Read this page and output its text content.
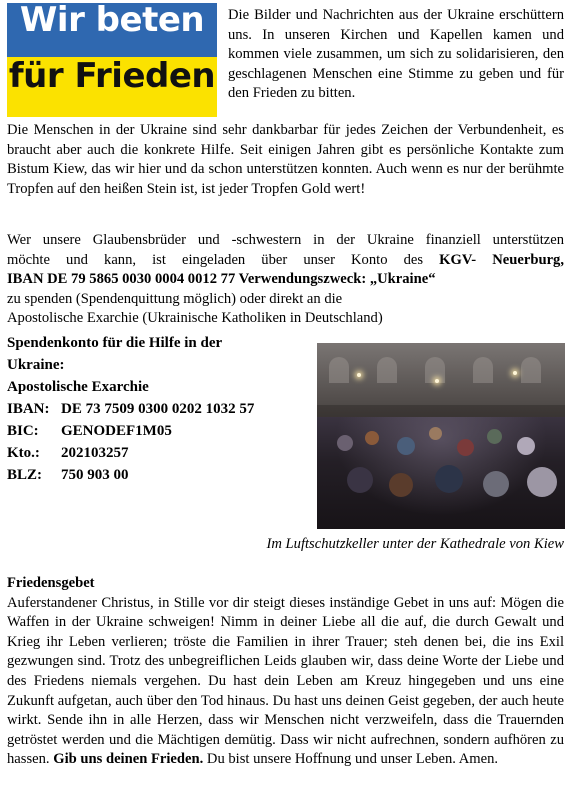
Wir beten
für Frieden

Die Bilder und Nachrichten aus der Ukraine erschüttern uns. In unseren Kirchen und Kapellen kamen und kommen viele zusammen, um sich zu solidarisieren, den geschlagenen Menschen eine Stimme zu geben und für den Frieden zu bitten.

Die Menschen in der Ukraine sind sehr dankbarbar für jedes Zeichen der Verbundenheit, es braucht aber auch die konkrete Hilfe. Seit einigen Jahren gibt es persönliche Kontakte zum Bistum Kiew, das wir hier und da schon unterstützen konnten. Auch wenn es nur der berühmte Tropfen auf den heißen Stein ist, ist jeder Tropfen Gold wert!

Wer unsere Glaubensbrüder und -schwestern in der Ukraine finanziell unterstützen
möchte und kann, ist eingeladen über unser Konto des KGV- Neuerburg,
IBAN DE 79 5865 0030 0004 0012 77 Verwendungszweck: „Ukraine“
zu spenden (Spendenquittung möglich) oder direkt an die
Apostolische Exarchie (Ukrainische Katholiken in Deutschland)
Spendenkonto für die Hilfe in der
Ukraine:
Apostolische Exarchie
IBAN: DE 73 7509 0300 0202 1032 57
BIC:	GENODEF1M05
Kto.:	202103257
BLZ:	750 903 00
Im Luftschutzkeller unter der Kathedrale von Kiew
Friedensgebet

Auferstandener Christus, in Stille vor dir steigt dieses inständige Gebet in uns auf: Mögen die Waffen in der Ukraine schweigen! Nimm in deiner Liebe all die auf, die durch Gewalt und Krieg ihr Leben verlieren; tröste die Familien in ihrer Trauer; steh denen bei, die ins Exil gezwungen sind. Trotz des unbegreiflichen Leids glauben wir, dass deine Worte der Liebe und des Friedens niemals vergehen. Du hast dein Leben am Kreuz hingegeben und uns eine Zukunft aufgetan, auch über den Tod hinaus. Du hast uns deinen Geist gegeben, der auch heute wirkt. Sende ihn in alle Herzen, dass wir Menschen nicht verzweifeln, dass die Trauernden getröstet werden und die Mächtigen demütig. Dass wir nicht aufrechnen, sondern aufhören zu hassen. Gib uns deinen Frieden. Du bist unsere Hoffnung und unser Leben. Amen.
